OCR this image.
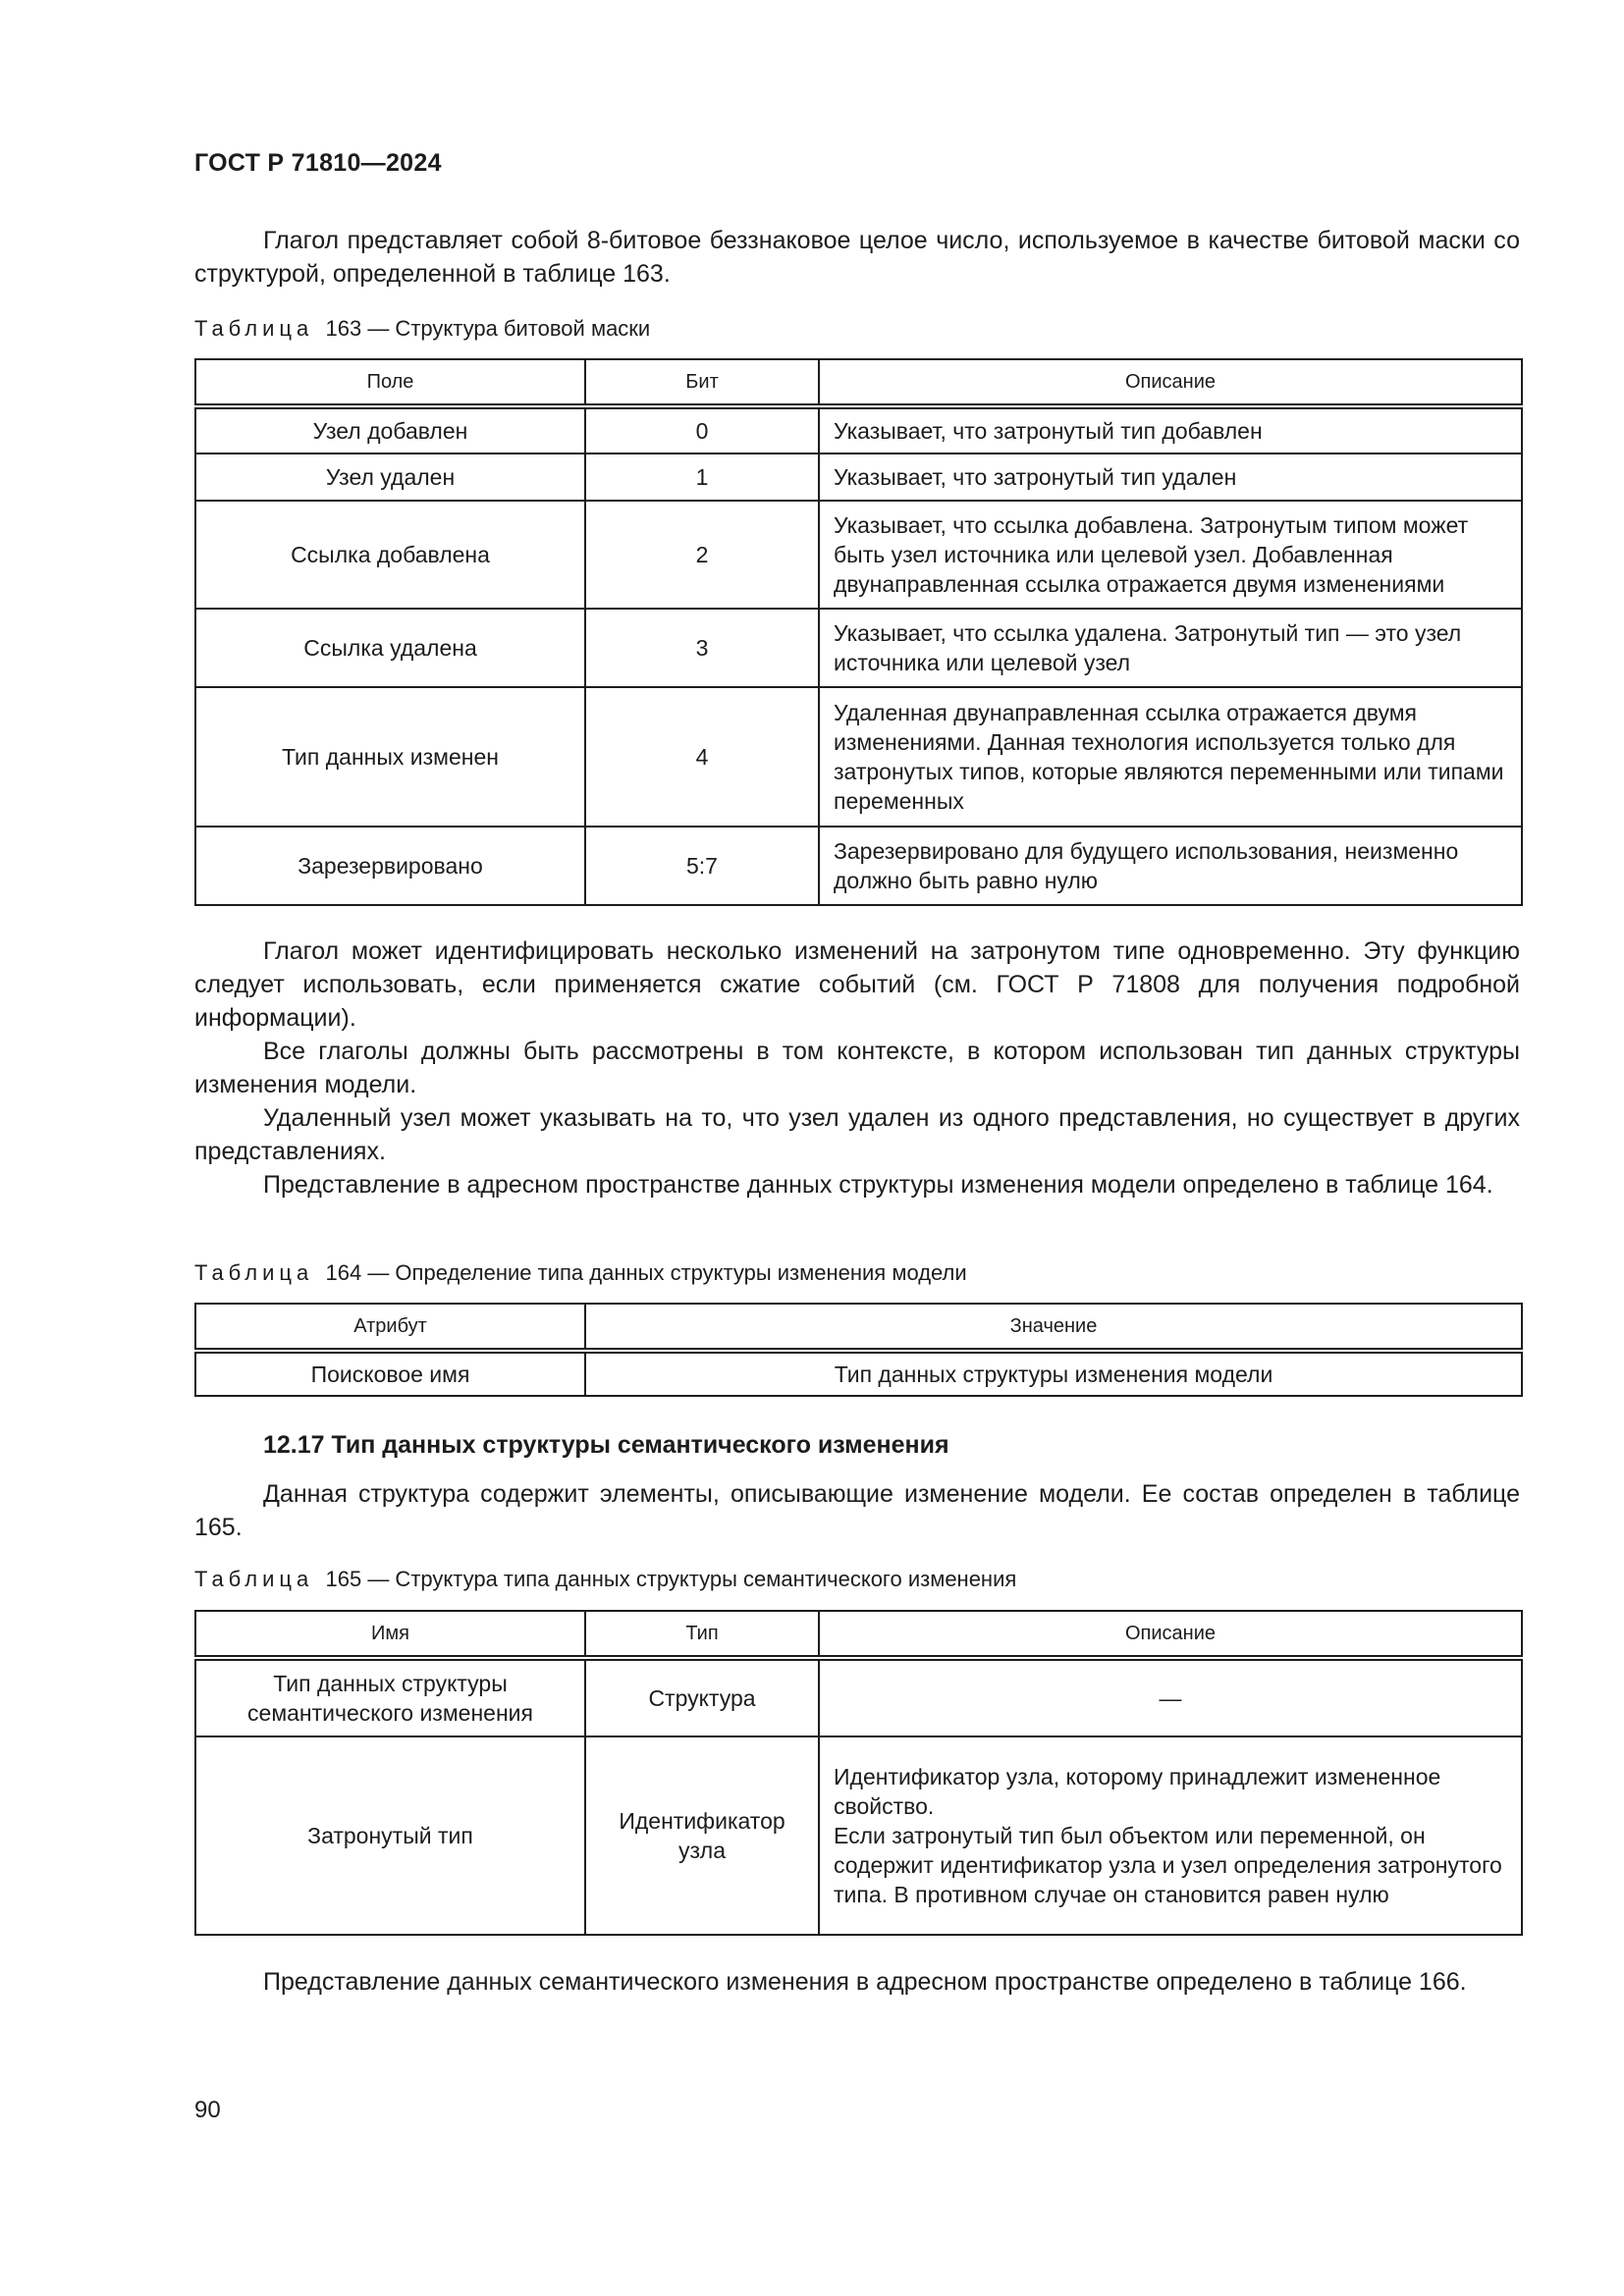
ГОСТ Р 71810—2024

Глагол представляет собой 8-битовое беззнаковое целое число, используемое в качестве битовой маски со структурой, определенной в таблице 163.

Таблица 163 — Структура битовой маски
Поле	Бит	Описание
Узел добавлен	0	Указывает, что затронутый тип добавлен
Узел удален	1	Указывает, что затронутый тип удален
Ссылка добавлена	2	Указывает, что ссылка добавлена. Затронутым типом может быть узел источника или целевой узел. Добавленная двунаправленная ссылка отражается двумя изменениями
Ссылка удалена	3	Указывает, что ссылка удалена. Затронутый тип — это узел источника или целевой узел
Тип данных изменен	4	Удаленная двунаправленная ссылка отражается двумя изменениями. Данная технология используется только для затронутых типов, которые являются переменными или типами переменных
Зарезервировано	5:7	Зарезервировано для будущего использования, неизменно должно быть равно нулю

Глагол может идентифицировать несколько изменений на затронутом типе одновременно. Эту функцию следует использовать, если применяется сжатие событий (см. ГОСТ Р 71808 для получения подробной информации).

Все глаголы должны быть рассмотрены в том контексте, в котором использован тип данных структуры изменения модели.

Удаленный узел может указывать на то, что узел удален из одного представления, но существует в других представлениях.

Представление в адресном пространстве данных структуры изменения модели определено в таблице 164.

Таблица 164 — Определение типа данных структуры изменения модели
Атрибут	Значение
Поисковое имя	Тип данных структуры изменения модели
12.17 Тип данных структуры семантического изменения

Данная структура содержит элементы, описывающие изменение модели. Ее состав определен в таблице 165.

Таблица 165 — Структура типа данных структуры семантического изменения
Имя	Тип	Описание
Тип данных структуры семантического изменения	Структура	—
Затронутый тип	Идентификатор узла	Идентификатор узла, которому принадлежит измененное свойство.
Если затронутый тип был объектом или переменной, он содержит идентификатор узла и узел определения затронутого типа. В противном случае он становится равен нулю

Представление данных семантического изменения в адресном пространстве определено в таблице 166.

90
